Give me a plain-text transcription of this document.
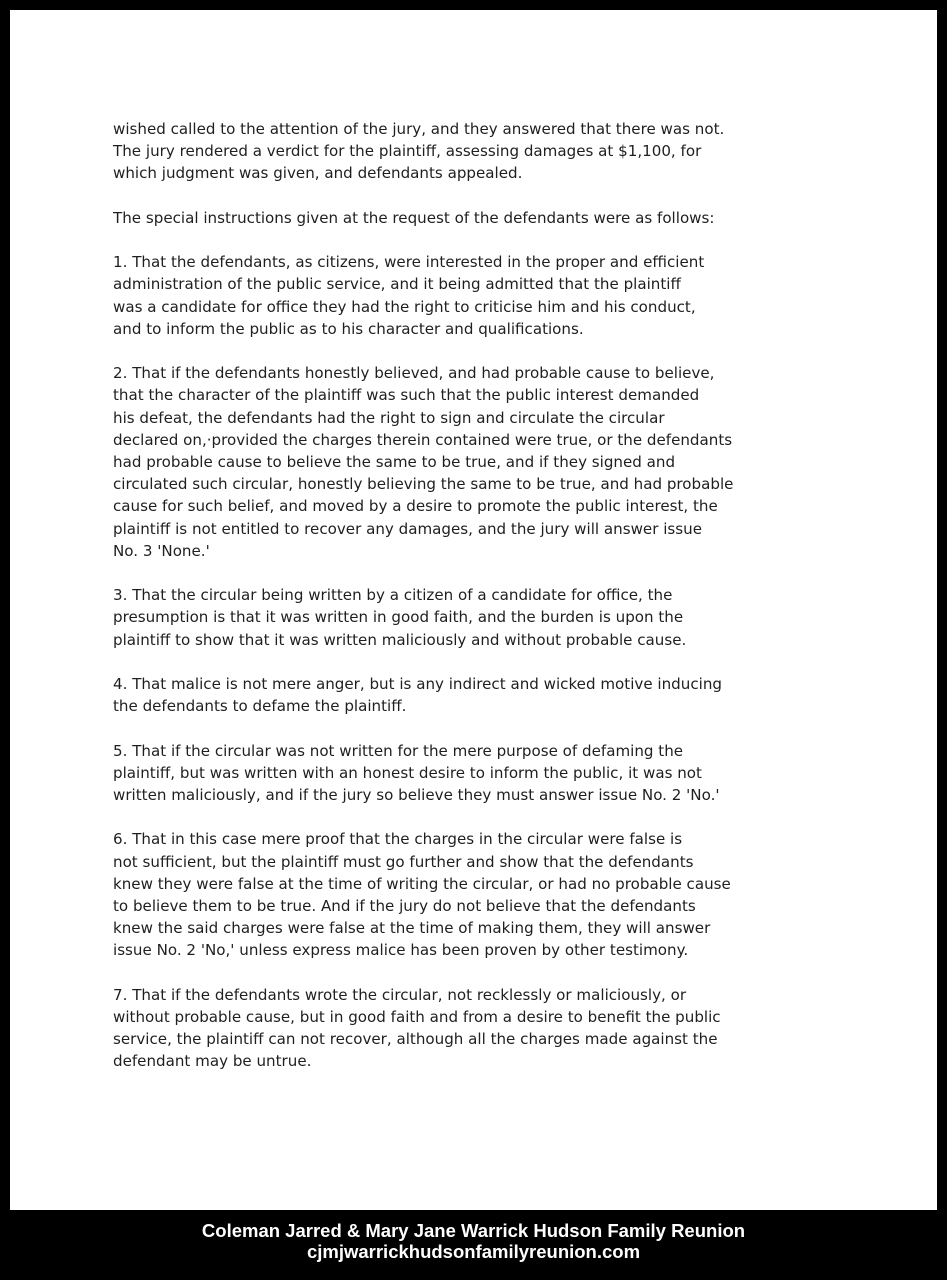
wished called to the attention of the jury, and they answered that there was not.
The jury rendered a verdict for the plaintiff, assessing damages at $1,100, for
which judgment was given, and defendants appealed.

The special instructions given at the request of the defendants were as follows:

1. That the defendants, as citizens, were interested in the proper and efficient
administration of the public service, and it being admitted that the plaintiff
was a candidate for office they had the right to criticise him and his conduct,
and to inform the public as to his character and qualifications.

2. That if the defendants honestly believed, and had probable cause to believe,
that the character of the plaintiff was such that the public interest demanded
his defeat, the defendants had the right to sign and circulate the circular
declared on,·provided the charges therein contained were true, or the defendants
had probable cause to believe the same to be true, and if they signed and
circulated such circular, honestly believing the same to be true, and had probable
cause for such belief, and moved by a desire to promote the public interest, the
plaintiff is not entitled to recover any damages, and the jury will answer issue
No. 3 'None.'

3. That the circular being written by a citizen of a candidate for office, the
presumption is that it was written in good faith, and the burden is upon the
plaintiff to show that it was written maliciously and without probable cause.

4. That malice is not mere anger, but is any indirect and wicked motive inducing
the defendants to defame the plaintiff.

5. That if the circular was not written for the mere purpose of defaming the
plaintiff, but was written with an honest desire to inform the public, it was not
written maliciously, and if the jury so believe they must answer issue No. 2 'No.'

6. That in this case mere proof that the charges in the circular were false is
not sufficient, but the plaintiff must go further and show that the defendants
knew they were false at the time of writing the circular, or had no probable cause
to believe them to be true. And if the jury do not believe that the defendants
knew the said charges were false at the time of making them, they will answer
issue No. 2 'No,' unless express malice has been proven by other testimony.

7. That if the defendants wrote the circular, not recklessly or maliciously, or
without probable cause, but in good faith and from a desire to benefit the public
service, the plaintiff can not recover, although all the charges made against the
defendant may be untrue.

Coleman Jarred & Mary Jane Warrick Hudson Family Reunion
cjmjwarrickhudsonfamilyreunion.com
